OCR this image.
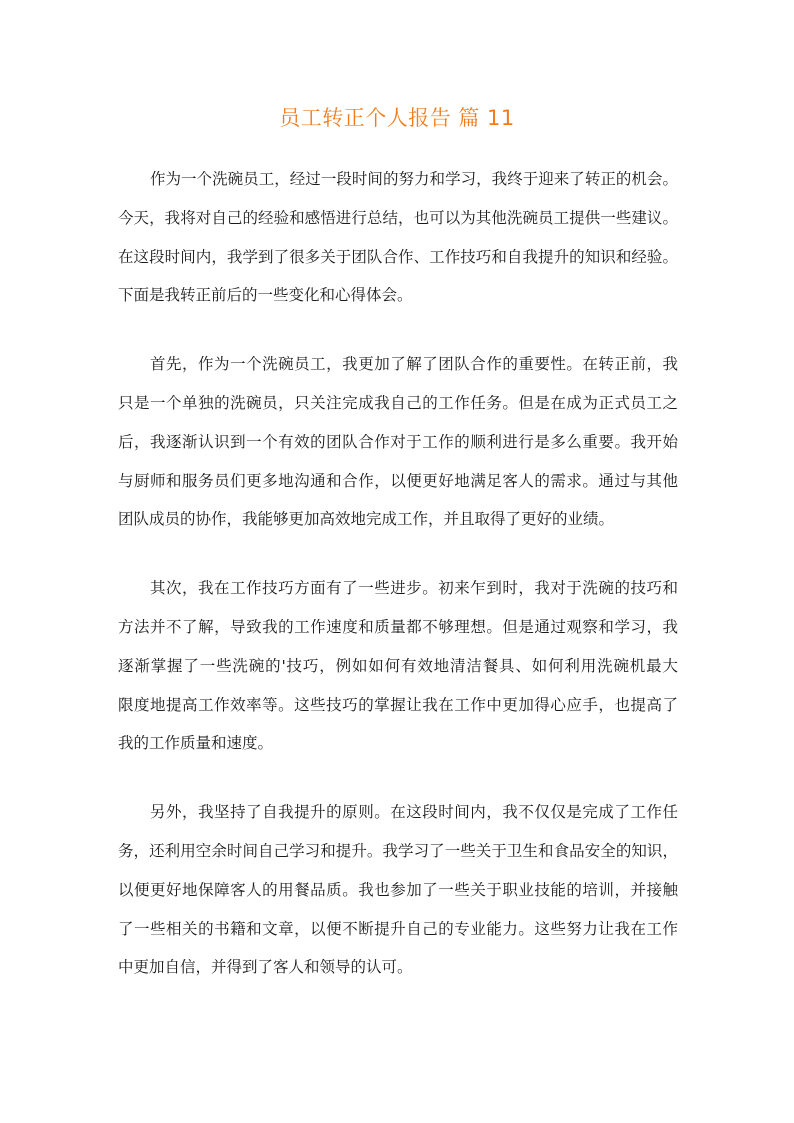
员工转正个人报告 篇 11
作为一个洗碗员工，经过一段时间的努力和学习，我终于迎来了转正的机会。
今天，我将对自己的经验和感悟进行总结，也可以为其他洗碗员工提供一些建议。
在这段时间内，我学到了很多关于团队合作、工作技巧和自我提升的知识和经验。
下面是我转正前后的一些变化和心得体会。
首先，作为一个洗碗员工，我更加了解了团队合作的重要性。在转正前，我
只是一个单独的洗碗员，只关注完成我自己的工作任务。但是在成为正式员工之
后，我逐渐认识到一个有效的团队合作对于工作的顺利进行是多么重要。我开始
与厨师和服务员们更多地沟通和合作，以便更好地满足客人的需求。通过与其他
团队成员的协作，我能够更加高效地完成工作，并且取得了更好的业绩。
其次，我在工作技巧方面有了一些进步。初来乍到时，我对于洗碗的技巧和
方法并不了解，导致我的工作速度和质量都不够理想。但是通过观察和学习，我
逐渐掌握了一些洗碗的'技巧，例如如何有效地清洁餐具、如何利用洗碗机最大
限度地提高工作效率等。这些技巧的掌握让我在工作中更加得心应手，也提高了
我的工作质量和速度。
另外，我坚持了自我提升的原则。在这段时间内，我不仅仅是完成了工作任
务，还利用空余时间自己学习和提升。我学习了一些关于卫生和食品安全的知识，
以便更好地保障客人的用餐品质。我也参加了一些关于职业技能的培训，并接触
了一些相关的书籍和文章，以便不断提升自己的专业能力。这些努力让我在工作
中更加自信，并得到了客人和领导的认可。
